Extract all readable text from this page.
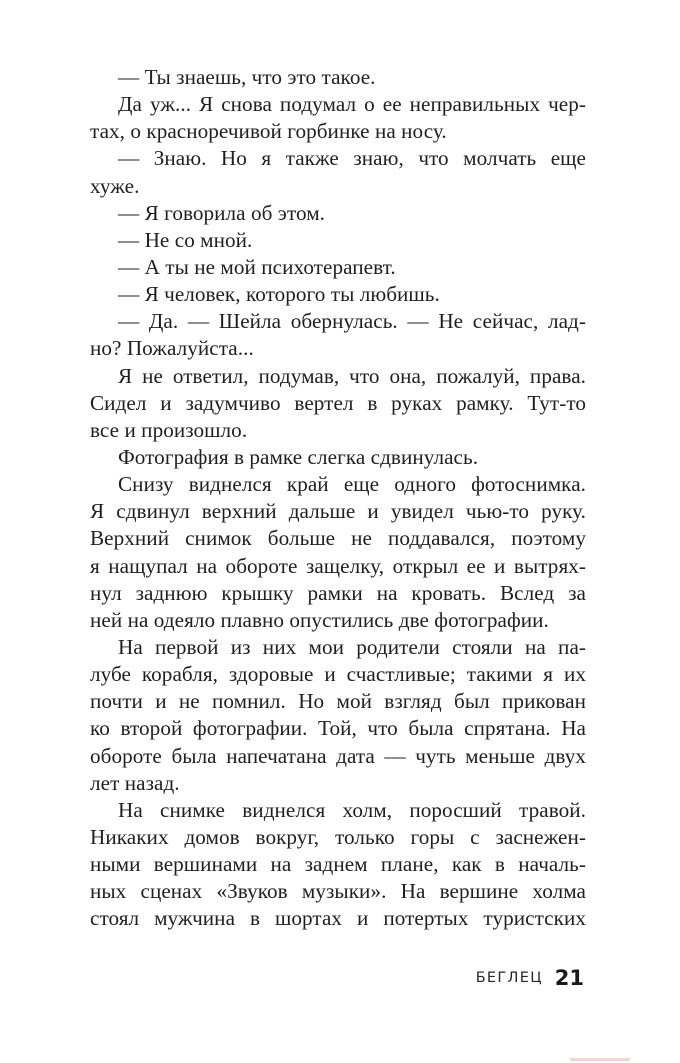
— Ты знаешь, что это такое.
Да уж... Я снова подумал о ее неправильных чер-
тах, о красноречивой горбинке на носу.
— Знаю. Но я также знаю, что молчать еще
хуже.
— Я говорила об этом.
— Не со мной.
— А ты не мой психотерапевт.
— Я человек, которого ты любишь.
— Да. — Шейла обернулась. — Не сейчас, лад-
но? Пожалуйста...
Я не ответил, подумав, что она, пожалуй, права.
Сидел и задумчиво вертел в руках рамку. Тут-то
все и произошло.
Фотография в рамке слегка сдвинулась.
Снизу виднелся край еще одного фотоснимка.
Я сдвинул верхний дальше и увидел чью-то руку.
Верхний снимок больше не поддавался, поэтому
я нащупал на обороте защелку, открыл ее и вытрях-
нул заднюю крышку рамки на кровать. Вслед за
ней на одеяло плавно опустились две фотографии.
На первой из них мои родители стояли на па-
лубе корабля, здоровые и счастливые; такими я их
почти и не помнил. Но мой взгляд был прикован
ко второй фотографии. Той, что была спрятана. На
обороте была напечатана дата — чуть меньше двух
лет назад.
На снимке виднелся холм, поросший травой.
Никаких домов вокруг, только горы с заснежен-
ными вершинами на заднем плане, как в началь-
ных сценах «Звуков музыки». На вершине холма
стоял мужчина в шортах и потертых туристских
БЕГЛЕЦ 21
